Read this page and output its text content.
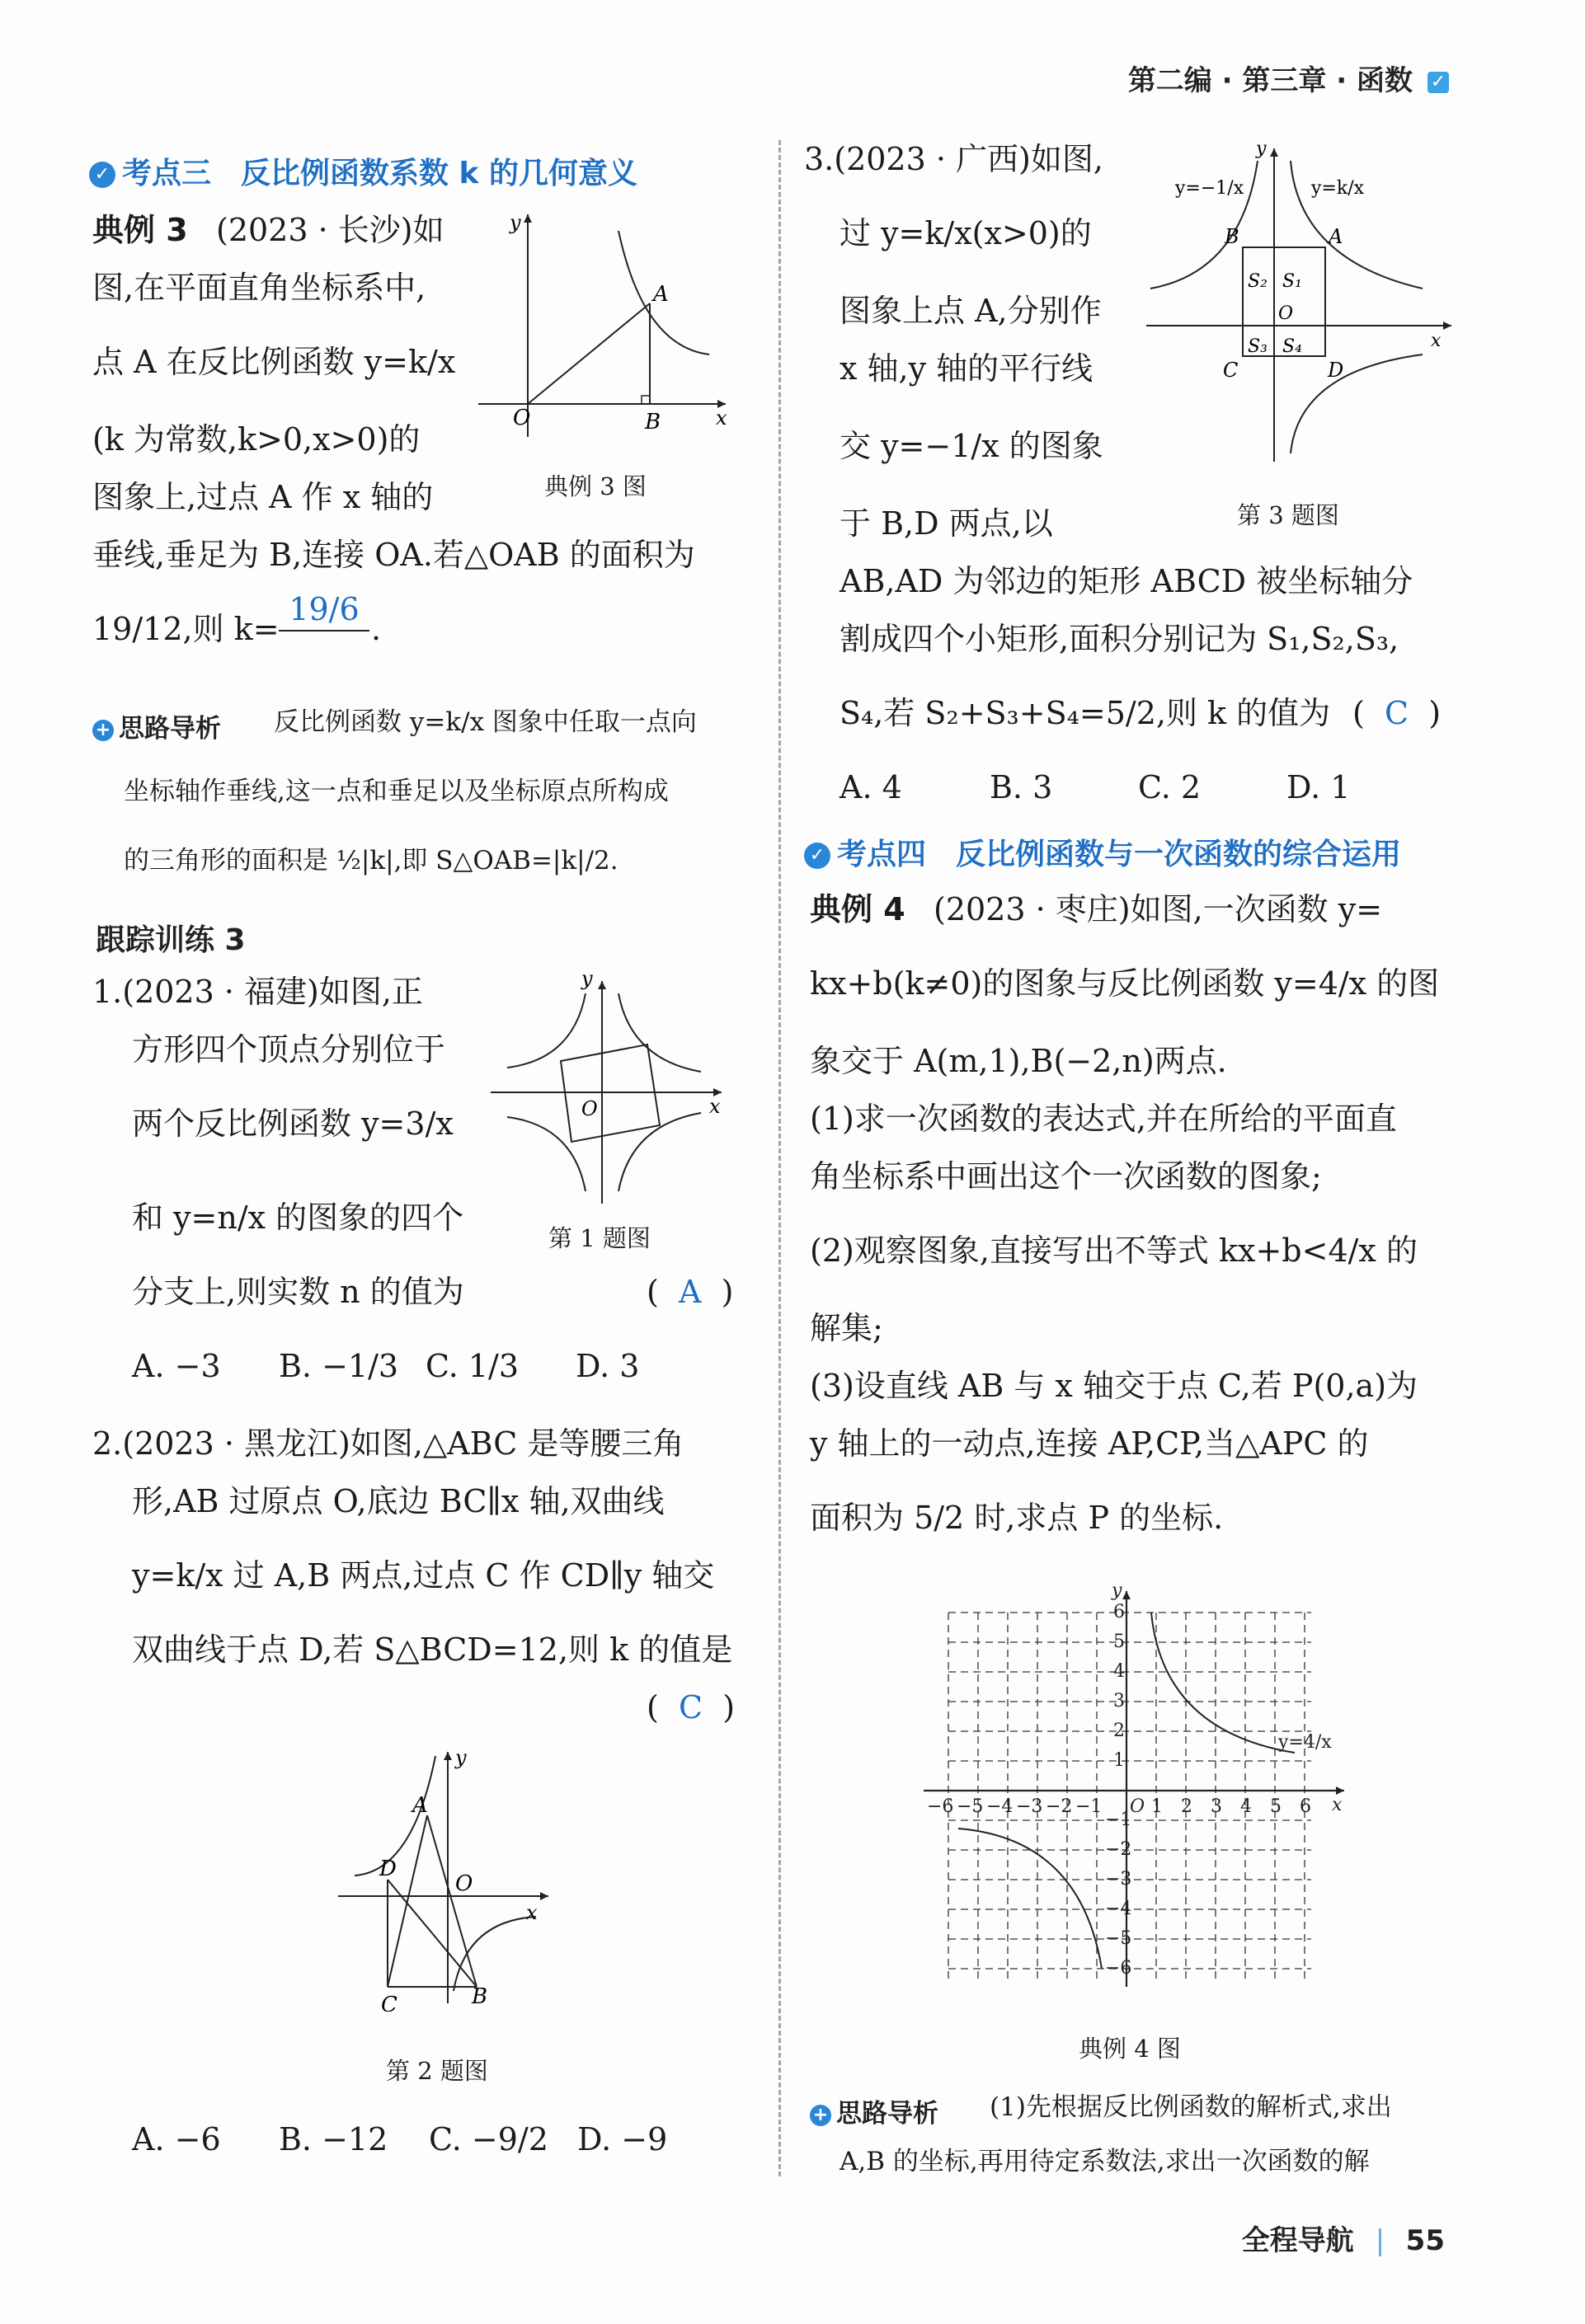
第二编 · 第三章 · 函数 ✓
✓ 考点三　反比例函数系数 k 的几何意义
典例 3 (2023 · 长沙)如
图,在平面直角坐标系中,
点 A 在反比例函数 y=k/x
(k 为常数,k>0,x>0)的
图象上,过点 A 作 x 轴的
垂线,垂足为 B,连接 OA.若△OAB 的面积为
19/12,则 k=
19/6
.
O
A
B	x
y
典例 3 图
+ 思路导析 反比例函数 y=k/x 图象中任取一点向
坐标轴作垂线,这一点和垂足以及坐标原点所构成
的三角形的面积是 ½|k|,即 S△OAB=|k|/2.
跟踪训练 3
1.(2023 · 福建)如图,正
方形四个顶点分别位于
两个反比例函数 y=3/x
和 y=n/x 的图象的四个
分支上,则实数 n 的值为	(  A  )
O	x
y
第 1 题图
A. −3 B. −1/3 C. 1/3 D. 3
2.(2023 · 黑龙江)如图,△ABC 是等腰三角
形,AB 过原点 O,底边 BC∥x 轴,双曲线
y=k/x 过 A,B 两点,过点 C 作 CD∥y 轴交
双曲线于点 D,若 S△BCD=12,则 k 的值是
(  C  )
A
D
O
C	B
x
y
第 2 题图
A. −6 B. −12 C. −9/2 D. −9
3.(2023 · 广西)如图,
过 y=k/x(x>0)的
图象上点 A,分别作
x 轴,y 轴的平行线
交 y=−1/x 的图象
于 B,D 两点,以
AB,AD 为邻边的矩形 ABCD 被坐标轴分
割成四个小矩形,面积分别记为 S₁,S₂,S₃,
S₄,若 S₂+S₃+S₄=5/2,则 k 的值为 (  C  )
y=−1/x	y=k/x
B	A
S₂ S₁
O
S₃ S₄
C	D
x
y
第 3 题图
A. 4	B. 3	C. 2	D. 1
✓ 考点四　反比例函数与一次函数的综合运用
典例 4 (2023 · 枣庄)如图,一次函数 y=
kx+b(k≠0)的图象与反比例函数 y=4/x 的图
象交于 A(m,1),B(−2,n)两点.
(1)求一次函数的表达式,并在所给的平面直
角坐标系中画出这个一次函数的图象;
(2)观察图象,直接写出不等式 kx+b<4/x 的
解集;
(3)设直线 AB 与 x 轴交于点 C,若 P(0,a)为
y 轴上的一动点,连接 AP,CP,当△APC 的
面积为 5/2 时,求点 P 的坐标.
6
5
4
3
2
1
−1
−2
−3
−4
−5
−6
−6 −5 −4 −3 −2 −1 O 1 2 3 4 5 6 x
y
y=4/x
典例 4 图
+ 思路导析 (1)先根据反比例函数的解析式,求出
A,B 的坐标,再用待定系数法,求出一次函数的解
全程导航 55
